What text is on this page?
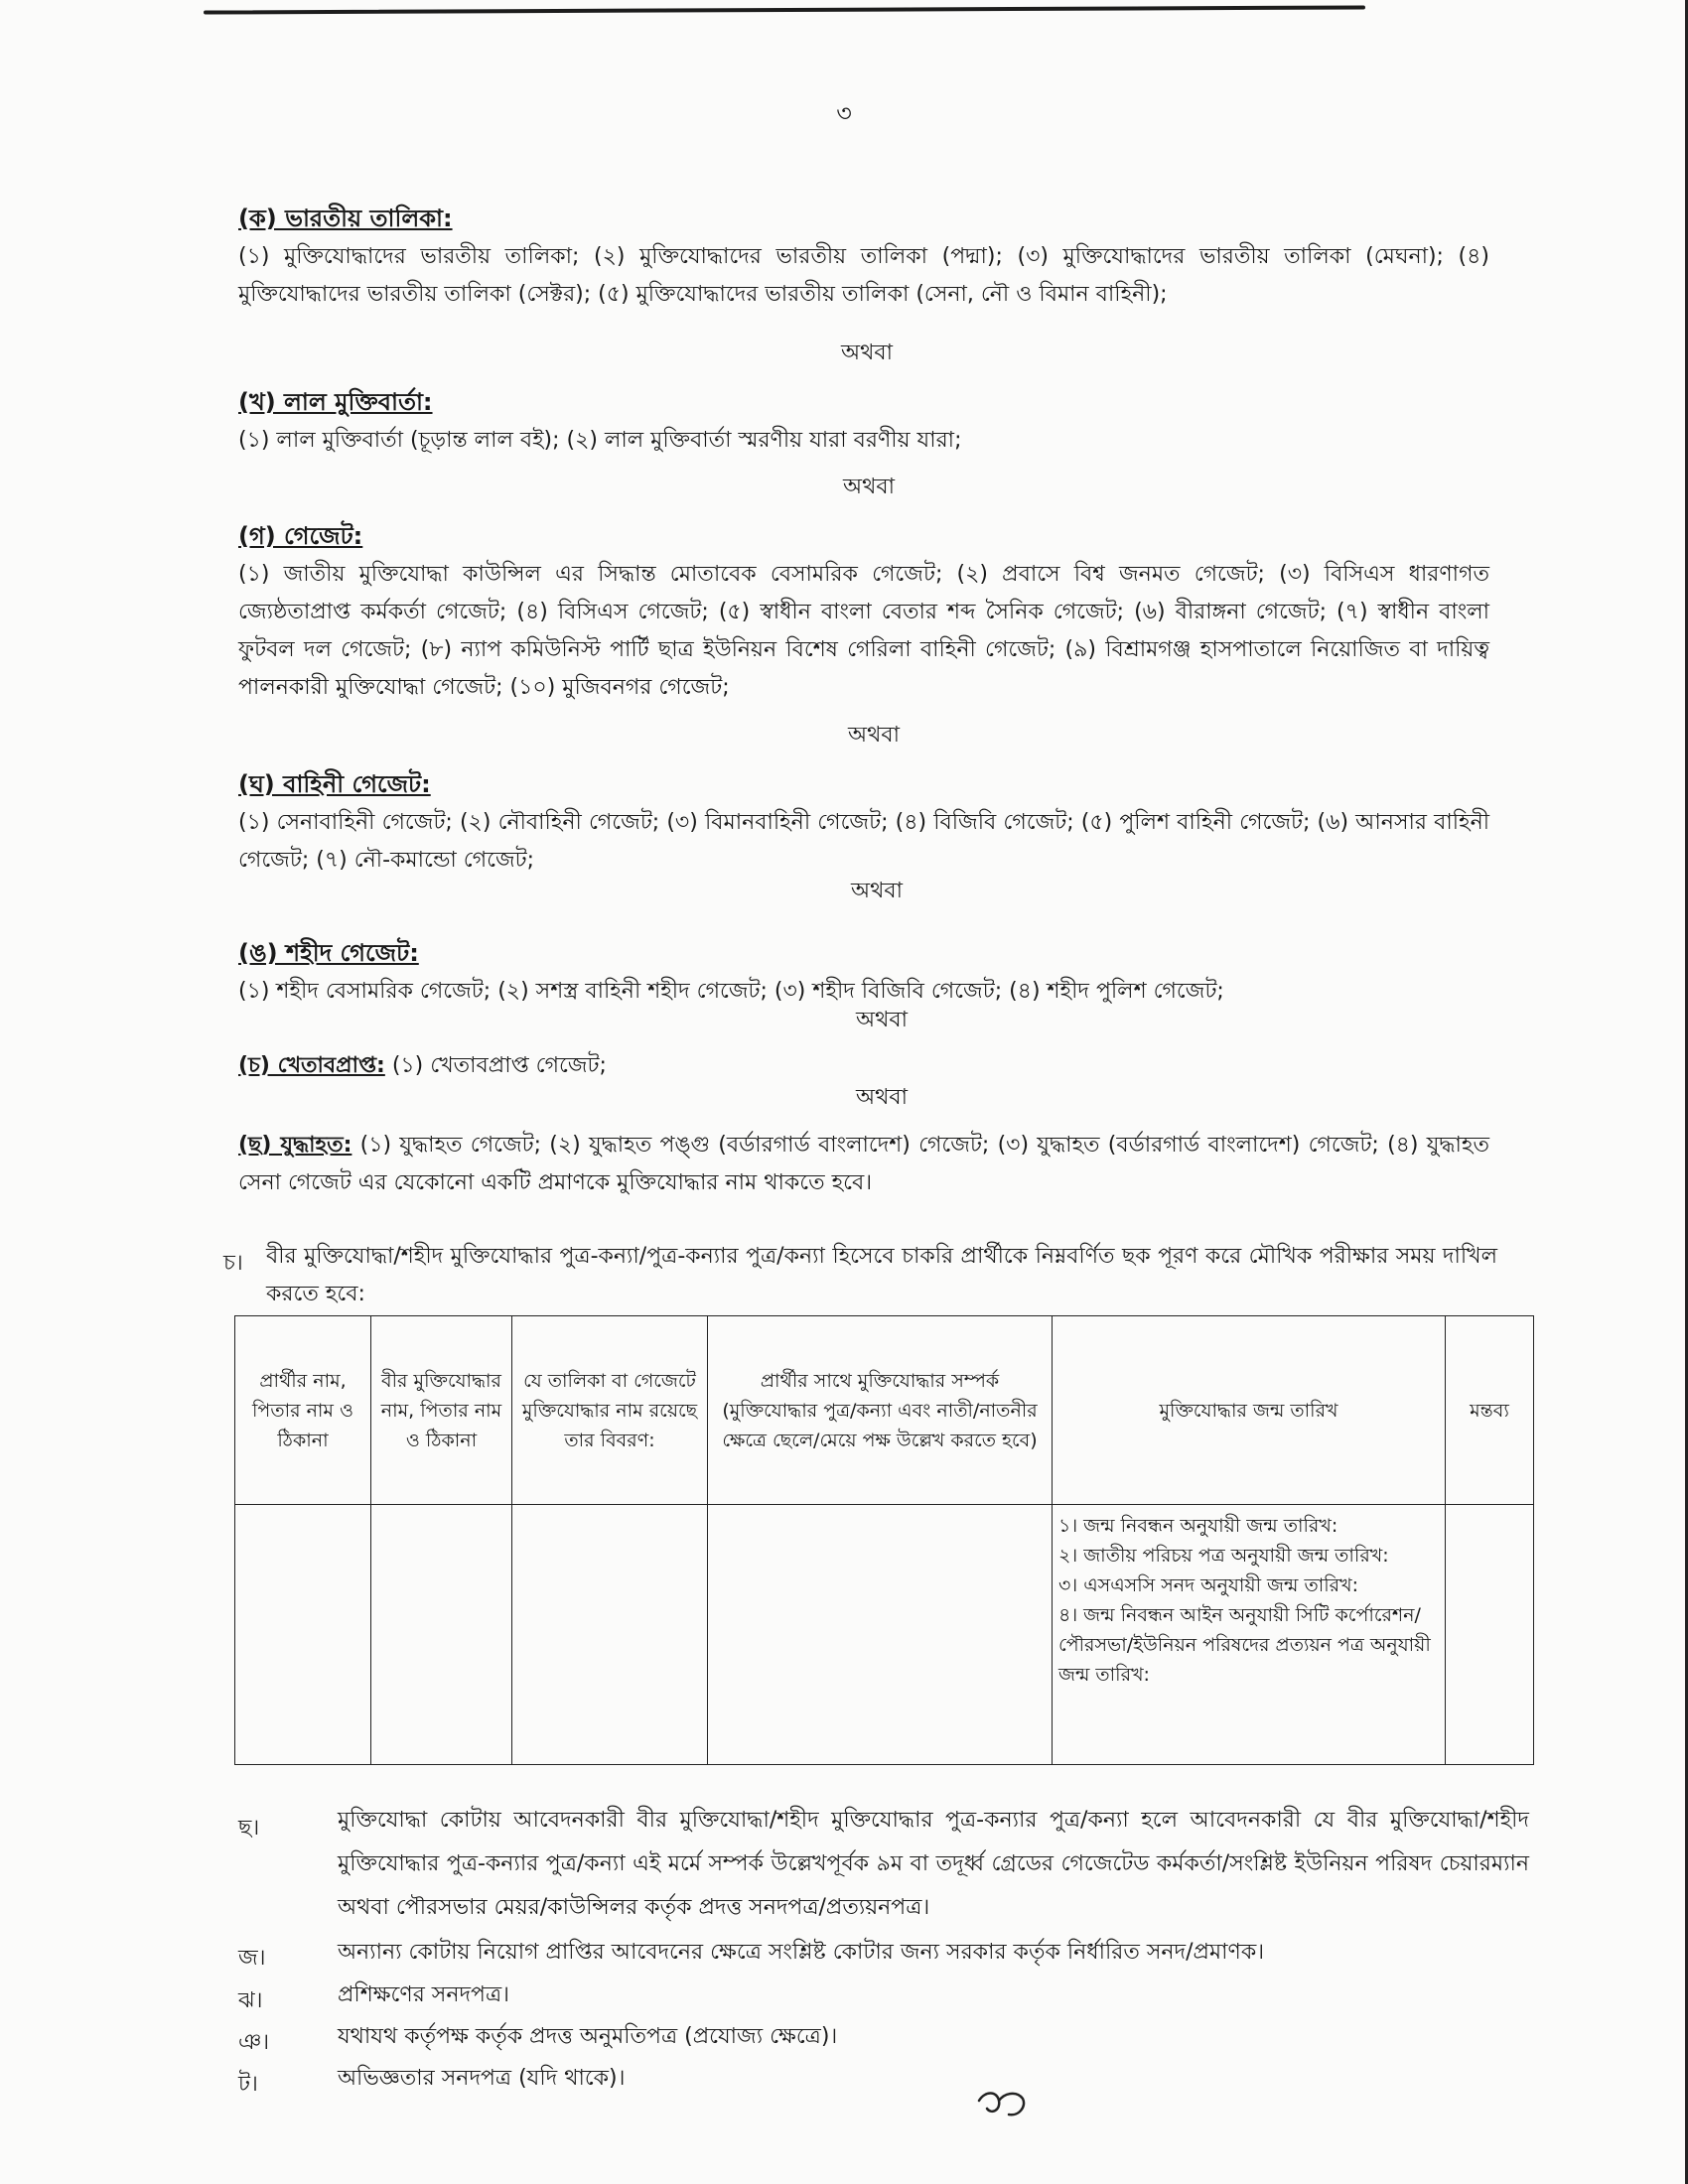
৩
(ক) ভারতীয় তালিকা:
(১) মুক্তিযোদ্ধাদের ভারতীয় তালিকা; (২) মুক্তিযোদ্ধাদের ভারতীয় তালিকা (পদ্মা); (৩) মুক্তিযোদ্ধাদের ভারতীয় তালিকা (মেঘনা); (৪) মুক্তিযোদ্ধাদের ভারতীয় তালিকা (সেক্টর); (৫) মুক্তিযোদ্ধাদের ভারতীয় তালিকা (সেনা, নৌ ও বিমান বাহিনী);
অথবা
(খ) লাল মুক্তিবার্তা:
(১) লাল মুক্তিবার্তা (চূড়ান্ত লাল বই); (২) লাল মুক্তিবার্তা স্মরণীয় যারা বরণীয় যারা;
অথবা
(গ) গেজেট:
(১) জাতীয় মুক্তিযোদ্ধা কাউন্সিল এর সিদ্ধান্ত মোতাবেক বেসামরিক গেজেট; (২) প্রবাসে বিশ্ব জনমত গেজেট; (৩) বিসিএস ধারণাগত জ্যেষ্ঠতাপ্রাপ্ত কর্মকর্তা গেজেট; (৪) বিসিএস গেজেট; (৫) স্বাধীন বাংলা বেতার শব্দ সৈনিক গেজেট; (৬) বীরাঙ্গনা গেজেট; (৭) স্বাধীন বাংলা ফুটবল দল গেজেট; (৮) ন্যাপ কমিউনিস্ট পার্টি ছাত্র ইউনিয়ন বিশেষ গেরিলা বাহিনী গেজেট; (৯) বিশ্রামগঞ্জ হাসপাতালে নিয়োজিত বা দায়িত্ব পালনকারী মুক্তিযোদ্ধা গেজেট; (১০) মুজিবনগর গেজেট;
অথবা
(ঘ) বাহিনী গেজেট:
(১) সেনাবাহিনী গেজেট; (২) নৌবাহিনী গেজেট; (৩) বিমানবাহিনী গেজেট; (৪) বিজিবি গেজেট; (৫) পুলিশ বাহিনী গেজেট; (৬) আনসার বাহিনী গেজেট; (৭) নৌ-কমান্ডো গেজেট;
অথবা
(ঙ) শহীদ গেজেট:
(১) শহীদ বেসামরিক গেজেট; (২) সশস্ত্র বাহিনী শহীদ গেজেট; (৩) শহীদ বিজিবি গেজেট; (৪) শহীদ পুলিশ গেজেট;
অথবা
(চ) খেতাবপ্রাপ্ত: (১) খেতাবপ্রাপ্ত গেজেট;
অথবা
(ছ) যুদ্ধাহত: (১) যুদ্ধাহত গেজেট; (২) যুদ্ধাহত পঙ্গু (বর্ডারগার্ড বাংলাদেশ) গেজেট; (৩) যুদ্ধাহত (বর্ডারগার্ড বাংলাদেশ) গেজেট; (৪) যুদ্ধাহত সেনা গেজেট এর যেকোনো একটি প্রমাণকে মুক্তিযোদ্ধার নাম থাকতে হবে।
চ। বীর মুক্তিযোদ্ধা/শহীদ মুক্তিযোদ্ধার পুত্র-কন্যা/পুত্র-কন্যার পুত্র/কন্যা হিসেবে চাকরি প্রার্থীকে নিম্নবর্ণিত ছক পূরণ করে মৌখিক পরীক্ষার সময় দাখিল করতে হবে:
প্রার্থীর নাম, পিতার নাম ও ঠিকানা	বীর মুক্তিযোদ্ধার নাম, পিতার নাম ও ঠিকানা	যে তালিকা বা গেজেটে মুক্তিযোদ্ধার নাম রয়েছে তার বিবরণ:	প্রার্থীর সাথে মুক্তিযোদ্ধার সম্পর্ক (মুক্তিযোদ্ধার পুত্র/কন্যা এবং নাতী/নাতনীর ক্ষেত্রে ছেলে/মেয়ে পক্ষ উল্লেখ করতে হবে)	মুক্তিযোদ্ধার জন্ম তারিখ	মন্তব্য

				১। জন্ম নিবন্ধন অনুযায়ী জন্ম তারিখ:
২। জাতীয় পরিচয় পত্র অনুযায়ী জন্ম তারিখ:
৩। এসএসসি সনদ অনুযায়ী জন্ম তারিখ:
৪। জন্ম নিবন্ধন আইন অনুযায়ী সিটি কর্পোরেশন/পৌরসভা/ইউনিয়ন পরিষদের প্রত্যয়ন পত্র অনুযায়ী জন্ম তারিখ:	

ছ।	মুক্তিযোদ্ধা কোটায় আবেদনকারী বীর মুক্তিযোদ্ধা/শহীদ মুক্তিযোদ্ধার পুত্র-কন্যার পুত্র/কন্যা হলে আবেদনকারী যে বীর মুক্তিযোদ্ধা/শহীদ মুক্তিযোদ্ধার পুত্র-কন্যার পুত্র/কন্যা এই মর্মে সম্পর্ক উল্লেখপূর্বক ৯ম বা তদূর্ধ্ব গ্রেডের গেজেটেড কর্মকর্তা/সংশ্লিষ্ট ইউনিয়ন পরিষদ চেয়ারম্যান অথবা পৌরসভার মেয়র/কাউন্সিলর কর্তৃক প্রদত্ত সনদপত্র/প্রত্যয়নপত্র।
জ।	অন্যান্য কোটায় নিয়োগ প্রাপ্তির আবেদনের ক্ষেত্রে সংশ্লিষ্ট কোটার জন্য সরকার কর্তৃক নির্ধারিত সনদ/প্রমাণক।
ঝ।	প্রশিক্ষণের সনদপত্র।
ঞ।	যথাযথ কর্তৃপক্ষ কর্তৃক প্রদত্ত অনুমতিপত্র (প্রযোজ্য ক্ষেত্রে)।
ট।	অভিজ্ঞতার সনদপত্র (যদি থাকে)।
